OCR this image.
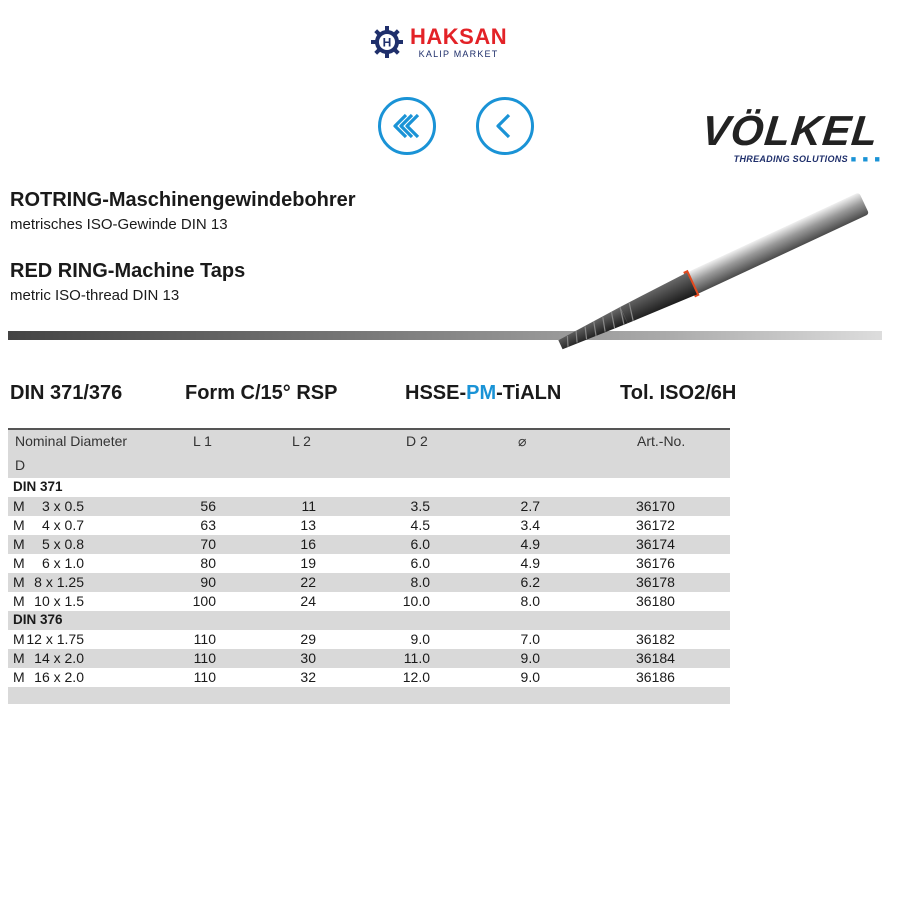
H HAKSAN
KALIP MARKET
VÖLKEL
THREADING SOLUTIONS ■ ■ ■
ROTRING-Maschinengewindebohrer
metrisches ISO-Gewinde DIN 13
RED RING-Machine Taps
metric ISO-thread DIN 13
DIN 371/376	Form C/15° RSP	HSSE-PM-TiALN	Tol. ISO2/6H
Nominal Diameter
D
L 1	L 2	D 2	⌀	Art.-No.
DIN 371
M 3 x 0.5	56	11	3.5	2.7	36170
M 4 x 0.7	63	13	4.5	3.4	36172
M 5 x 0.8	70	16	6.0	4.9	36174
M 6 x 1.0	80	19	6.0	4.9	36176
M 8 x 1.25	90	22	8.0	6.2	36178
M 10 x 1.5	100	24	10.0	8.0	36180
DIN 376
M 12 x 1.75	110	29	9.0	7.0	36182
M 14 x 2.0	110	30	11.0	9.0	36184
M 16 x 2.0	110	32	12.0	9.0	36186
